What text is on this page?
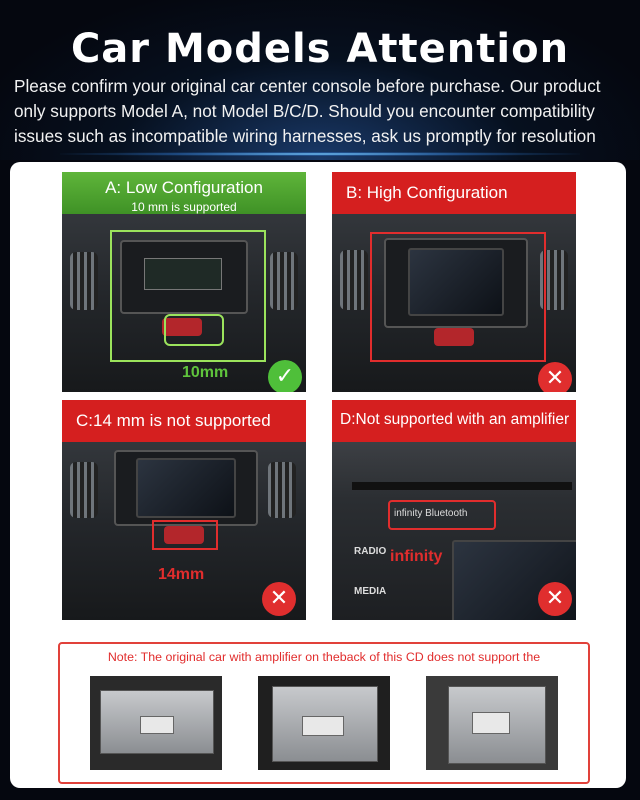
Car Models Attention
Please confirm your original car center console before purchase. Our product only supports Model A, not Model B/C/D. Should you encounter compatibility issues such as incompatible wiring harnesses, ask us promptly for resolution
A: Low Configuration
10 mm is supported
10mm	✓
B: High Configuration
✕
C:14 mm is not supported
14mm
✕
RADIO
MEDIA
D:Not supported with an amplifier
infinity Bluetooth
infinity
✕
Note: The original car with amplifier on theback of this CD does not support the
